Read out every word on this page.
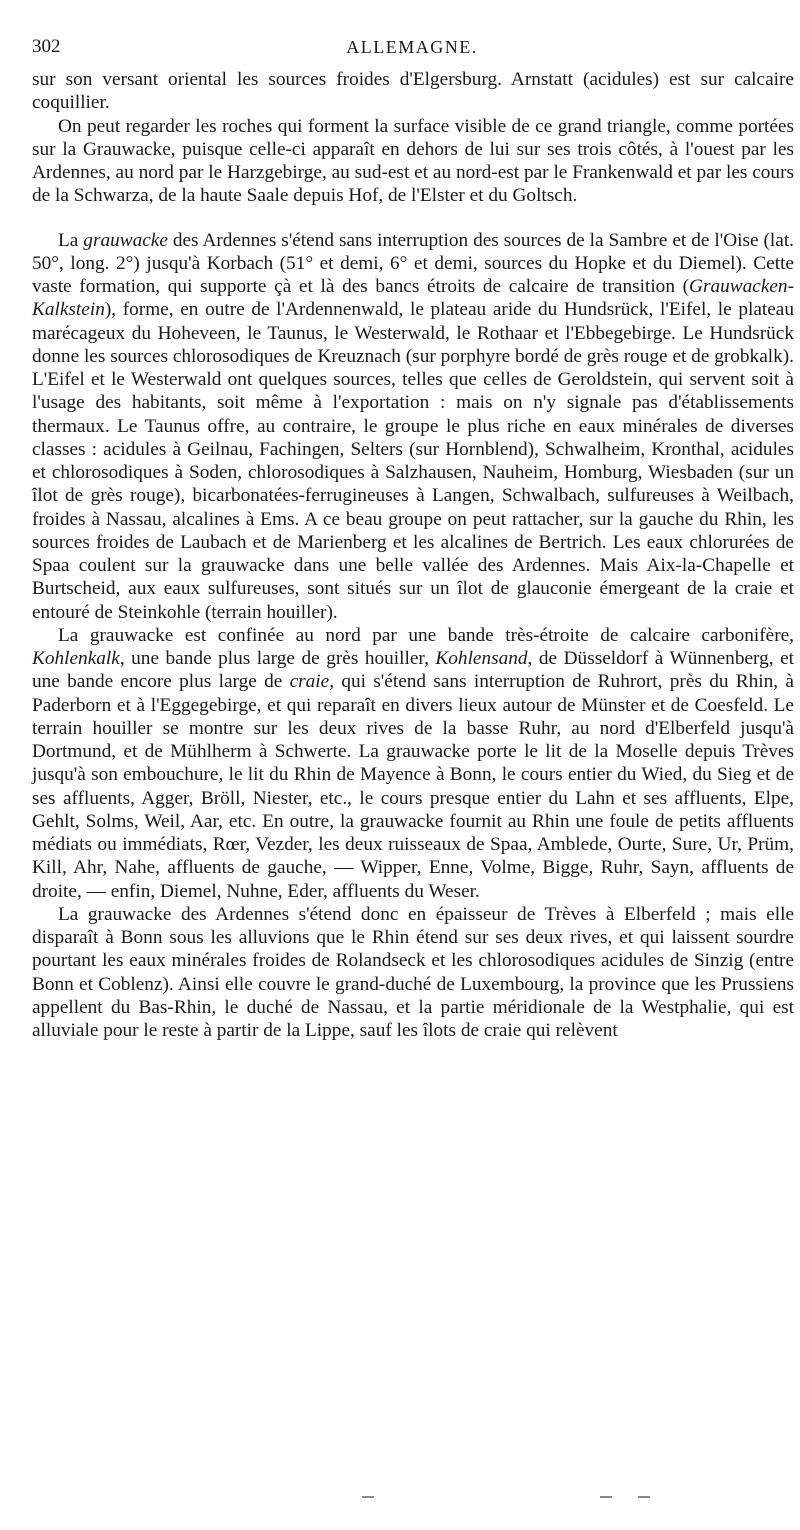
302	ALLEMAGNE.

sur son versant oriental les sources froides d'Elgersburg. Arnstatt (acidules) est sur calcaire coquillier.

On peut regarder les roches qui forment la surface visible de ce grand triangle, comme portées sur la Grauwacke, puisque celle-ci apparaît en dehors de lui sur ses trois côtés, à l'ouest par les Ardennes, au nord par le Harzgebirge, au sud-est et au nord-est par le Frankenwald et par les cours de la Schwarza, de la haute Saale depuis Hof, de l'Elster et du Goltsch.

La grauwacke des Ardennes s'étend sans interruption des sources de la Sambre et de l'Oise (lat. 50°, long. 2°) jusqu'à Korbach (51° et demi, 6° et demi, sources du Hopke et du Diemel). Cette vaste formation, qui supporte çà et là des bancs étroits de calcaire de transition (Grauwacken-Kalkstein), forme, en outre de l'Ardennenwald, le plateau aride du Hundsrück, l'Eifel, le plateau marécageux du Hoheveen, le Taunus, le Westerwald, le Rothaar et l'Ebbegebirge. Le Hundsrück donne les sources chlorosodiques de Kreuznach (sur porphyre bordé de grès rouge et de grobkalk). L'Eifel et le Westerwald ont quelques sources, telles que celles de Geroldstein, qui servent soit à l'usage des habitants, soit même à l'exportation : mais on n'y signale pas d'établissements thermaux. Le Taunus offre, au contraire, le groupe le plus riche en eaux minérales de diverses classes : acidules à Geilnau, Fachingen, Selters (sur Hornblend), Schwalheim, Kronthal, acidules et chlorosodiques à Soden, chlorosodiques à Salzhausen, Nauheim, Homburg, Wiesbaden (sur un îlot de grès rouge), bicarbonatées-ferrugineuses à Langen, Schwalbach, sulfureuses à Weilbach, froides à Nassau, alcalines à Ems. A ce beau groupe on peut rattacher, sur la gauche du Rhin, les sources froides de Laubach et de Marienberg et les alcalines de Bertrich. Les eaux chlorurées de Spaa coulent sur la grauwacke dans une belle vallée des Ardennes. Mais Aix-la-Chapelle et Burtscheid, aux eaux sulfureuses, sont situés sur un îlot de glauconie émergeant de la craie et entouré de Steinkohle (terrain houiller).

La grauwacke est confinée au nord par une bande très-étroite de calcaire carbonifère, Kohlenkalk, une bande plus large de grès houiller, Kohlensand, de Düsseldorf à Wünnenberg, et une bande encore plus large de craie, qui s'étend sans interruption de Ruhrort, près du Rhin, à Paderborn et à l'Eggegebirge, et qui reparaît en divers lieux autour de Münster et de Coesfeld. Le terrain houiller se montre sur les deux rives de la basse Ruhr, au nord d'Elberfeld jusqu'à Dortmund, et de Mühlherm à Schwerte. La grauwacke porte le lit de la Moselle depuis Trèves jusqu'à son embouchure, le lit du Rhin de Mayence à Bonn, le cours entier du Wied, du Sieg et de ses affluents, Agger, Bröll, Niester, etc., le cours presque entier du Lahn et ses affluents, Elpe, Gehlt, Solms, Weil, Aar, etc. En outre, la grauwacke fournit au Rhin une foule de petits affluents médiats ou immédiats, Rœr, Vezder, les deux ruisseaux de Spaa, Amblede, Ourte, Sure, Ur, Prüm, Kill, Ahr, Nahe, affluents de gauche, — Wipper, Enne, Volme, Bigge, Ruhr, Sayn, affluents de droite, — enfin, Diemel, Nuhne, Eder, affluents du Weser.

La grauwacke des Ardennes s'étend donc en épaisseur de Trèves à Elberfeld ; mais elle disparaît à Bonn sous les alluvions que le Rhin étend sur ses deux rives, et qui laissent sourdre pourtant les eaux minérales froides de Rolandseck et les chlorosodiques acidules de Sinzig (entre Bonn et Coblenz). Ainsi elle couvre le grand-duché de Luxembourg, la province que les Prussiens appellent du Bas-Rhin, le duché de Nassau, et la partie méridionale de la Westphalie, qui est alluviale pour le reste à partir de la Lippe, sauf les îlots de craie qui relèvent
